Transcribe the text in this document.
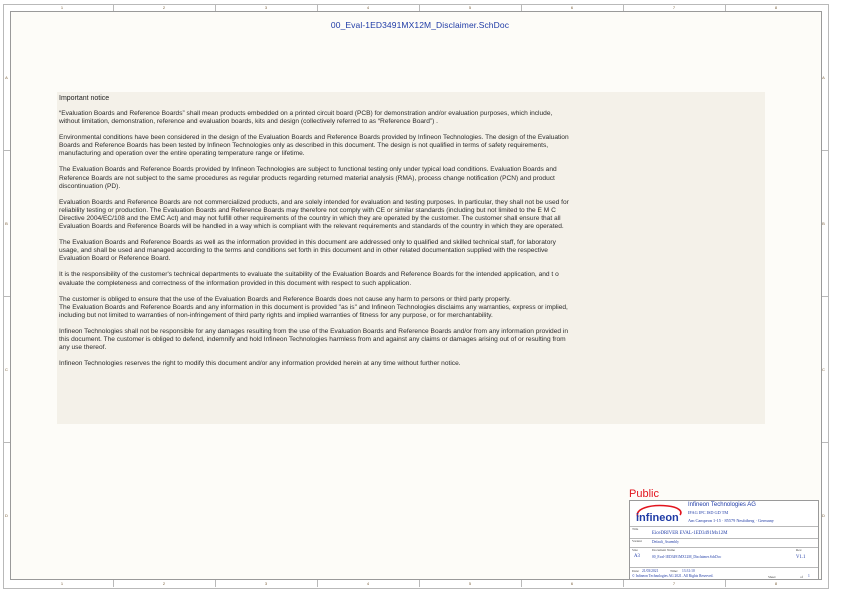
1	2	3	4	5	6	7	8
1	2	3	4	5	6	7	8
A
B
C
D
A
B
C
D
00_Eval-1ED3491MX12M_Disclaimer.SchDoc
Important notice
“Evaluation Boards and Reference Boards” shall mean products embedded on a printed circuit board (PCB) for demonstration and/or evaluation purposes, which include,
without limitation, demonstration, reference and evaluation boards, kits and design (collectively referred to as “Reference Board”) .
Environmental conditions have been considered in the design of the Evaluation Boards and Reference Boards provided by Infineon Technologies. The design of the Evaluation
Boards and Reference Boards has been tested by Infineon Technologies only as described in this document. The design is not qualified in terms of safety requirements,
manufacturing and operation over the entire operating temperature range or lifetime.
The Evaluation Boards and Reference Boards provided by Infineon Technologies are subject to functional testing only under typical load conditions. Evaluation Boards and
Reference Boards are not subject to the same procedures as regular products regarding returned material analysis (RMA), process change notification (PCN) and product
discontinuation (PD).
Evaluation Boards and Reference Boards are not commercialized products, and are solely intended for evaluation and testing purposes. In particular, they shall not be used for
reliability testing or production. The Evaluation Boards and Reference Boards may therefore not comply with CE or similar standards (including but not limited to the E M C
Directive 2004/EC/108 and the EMC Act) and may not fulfill other requirements of the country in which they are operated by the customer. The customer shall ensure that all
Evaluation Boards and Reference Boards will be handled in a way which is compliant with the relevant requirements and standards of the country in which they are operated.
The Evaluation Boards and Reference Boards as well as the information provided in this document are addressed only to qualified and skilled technical staff, for laboratory
usage, and shall be used and managed according to the terms and conditions set forth in this document and in other related documentation supplied with the respective
Evaluation Board or Reference Board.
It is the responsibility of the customer's technical departments to evaluate the suitability of the Evaluation Boards and Reference Boards for the intended application, and t o
evaluate the completeness and correctness of the information provided in this document with respect to such application.
The customer is obliged to ensure that the use of the Evaluation Boards and Reference Boards does not cause any harm to persons or third party property.
The Evaluation Boards and Reference Boards and any information in this document is provided "as is" and Infineon Technologies disclaims any warranties, express or implied,
including but not limited to warranties of non-infringement of third party rights and implied warranties of fitness for any purpose, or for merchantability.
Infineon Technologies shall not be responsible for any damages resulting from the use of the Evaluation Boards and Reference Boards and/or from any information provided in
this document. The customer is obliged to defend, indemnify and hold Infineon Technologies harmless from and against any claims or damages arising out of or resulting from
any use thereof.
Infineon Technologies reserves the right to modify this document and/or any information provided herein at any time without further notice.
Public
infineon
Infineon Technologies AG
IFAG IPC ISD GD TM
Am Campeon 1-15 · 85579 Neubiberg · Germany
Title
EiceDRIVER EVAL-1ED3491Mx12M
Variant	Default_Assembly
Size
A3
Document Name
00_Eval-1ED3491MX12M_Disclaimer.SchDoc
Rev.
V1.1
Date: 21/03/2021	Time: 13:31:10
© Infineon Technologies AG 2021. All Rights Reserved.	Sheet	of 1
